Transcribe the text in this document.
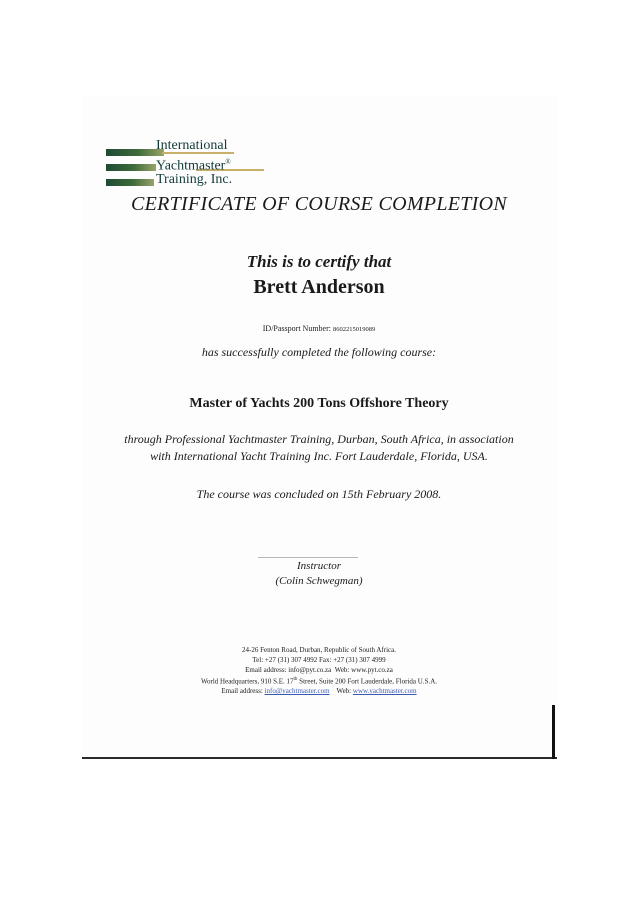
International
Yachtmaster®
Training, Inc.
CERTIFICATE OF COURSE COMPLETION
This is to certify that
Brett Anderson
ID/Passport Number: 8602215019089
has successfully completed the following course:
Master of Yachts 200 Tons Offshore Theory
through Professional Yachtmaster Training, Durban, South Africa, in association with International Yacht Training Inc. Fort Lauderdale, Florida, USA.
The course was concluded on 15th February 2008.
Instructor
(Colin Schwegman)
24-26 Fenton Road, Durban, Republic of South Africa.
Tel: +27 (31) 307 4992 Fax: +27 (31) 307 4999
Email address: info@pyt.co.za Web: www.pyt.co.za
World Headquarters, 910 S.E. 17th Street, Suite 200 Fort Lauderdale, Florida U.S.A.
Email address: info@yachtmaster.com Web: www.yachtmaster.com
